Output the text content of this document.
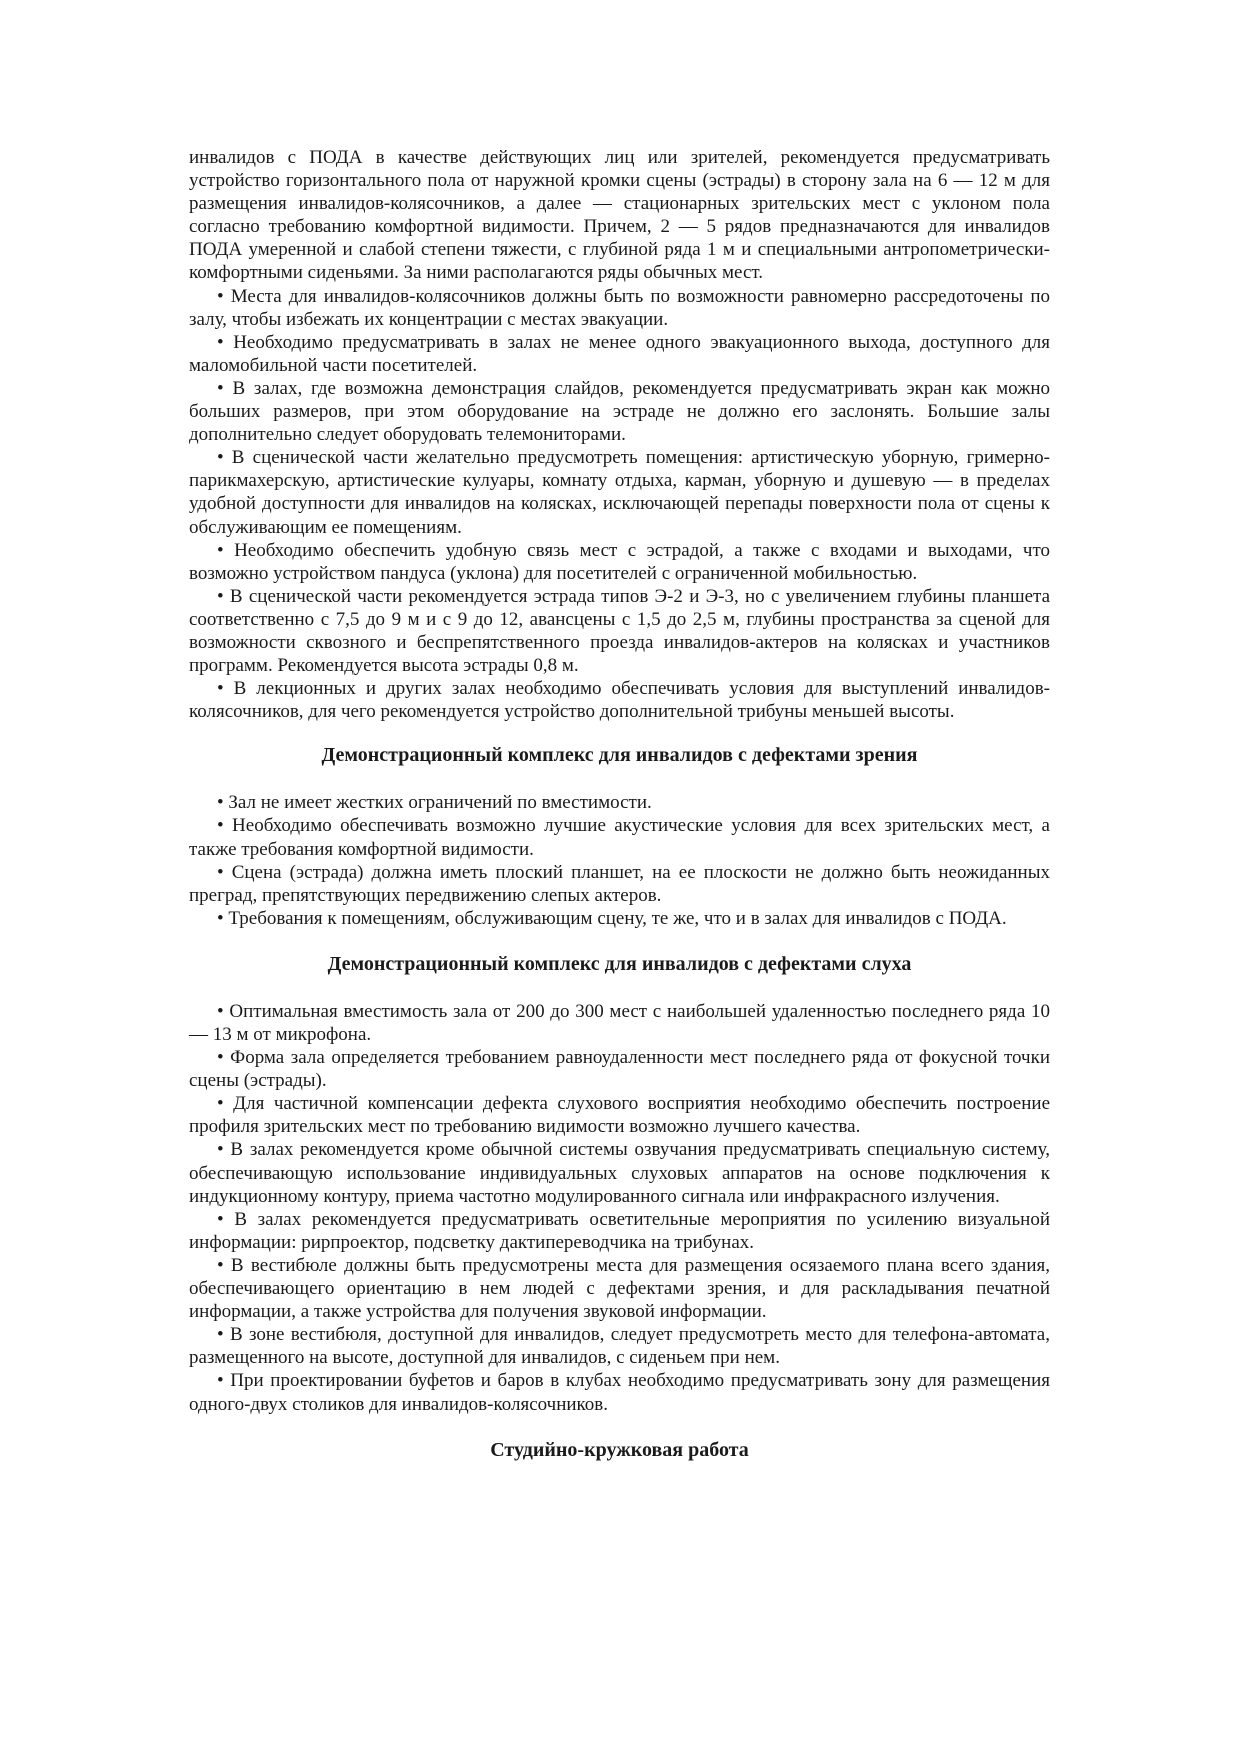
инвалидов с ПОДА в качестве действующих лиц или зрителей, рекомендуется предусматривать устройство горизонтального пола от наружной кромки сцены (эстрады) в сторону зала на 6 — 12 м для размещения инвалидов-колясочников, а далее — стационарных зрительских мест с уклоном пола согласно требованию комфортной видимости. Причем, 2 — 5 рядов предназначаются для инвалидов ПОДА умеренной и слабой степени тяжести, с глубиной ряда 1 м и специальными антропометрически-комфортными сиденьями. За ними располагаются ряды обычных мест.

• Места для инвалидов-колясочников должны быть по возможности равномерно рассредоточены по залу, чтобы избежать их концентрации с местах эвакуации.

• Необходимо предусматривать в залах не менее одного эвакуационного выхода, доступного для маломобильной части посетителей.

• В залах, где возможна демонстрация слайдов, рекомендуется предусматривать экран как можно больших размеров, при этом оборудование на эстраде не должно его заслонять. Большие залы дополнительно следует оборудовать телемониторами.

• В сценической части желательно предусмотреть помещения: артистическую уборную, гримерно-парикмахерскую, артистические кулуары, комнату отдыха, карман, уборную и душевую — в пределах удобной доступности для инвалидов на колясках, исключающей перепады поверхности пола от сцены к обслуживающим ее помещениям.

• Необходимо обеспечить удобную связь мест с эстрадой, а также с входами и выходами, что возможно устройством пандуса (уклона) для посетителей с ограниченной мобильностью.

• В сценической части рекомендуется эстрада типов Э-2 и Э-3, но с увеличением глубины планшета соответственно с 7,5 до 9 м и с 9 до 12, авансцены с 1,5 до 2,5 м, глубины пространства за сценой для возможности сквозного и беспрепятственного проезда инвалидов-актеров на колясках и участников программ. Рекомендуется высота эстрады 0,8 м.

• В лекционных и других залах необходимо обеспечивать условия для выступлений инвалидов-колясочников, для чего рекомендуется устройство дополнительной трибуны меньшей высоты.

Демонстрационный комплекс для инвалидов с дефектами зрения

• Зал не имеет жестких ограничений по вместимости.

• Необходимо обеспечивать возможно лучшие акустические условия для всех зрительских мест, а также требования комфортной видимости.

• Сцена (эстрада) должна иметь плоский планшет, на ее плоскости не должно быть неожиданных преград, препятствующих передвижению слепых актеров.

• Требования к помещениям, обслуживающим сцену, те же, что и в залах для инвалидов с ПОДА.

Демонстрационный комплекс для инвалидов с дефектами слуха

• Оптимальная вместимость зала от 200 до 300 мест с наибольшей удаленностью последнего ряда 10 — 13 м от микрофона.

• Форма зала определяется требованием равноудаленности мест последнего ряда от фокусной точки сцены (эстрады).

• Для частичной компенсации дефекта слухового восприятия необходимо обеспечить построение профиля зрительских мест по требованию видимости возможно лучшего качества.

• В залах рекомендуется кроме обычной системы озвучания предусматривать специальную систему, обеспечивающую использование индивидуальных слуховых аппаратов на основе подключения к индукционному контуру, приема частотно модулированного сигнала или инфракрасного излучения.

• В залах рекомендуется предусматривать осветительные мероприятия по усилению визуальной информации: рирпроектор, подсветку дактипереводчика на трибунах.

• В вестибюле должны быть предусмотрены места для размещения осязаемого плана всего здания, обеспечивающего ориентацию в нем людей с дефектами зрения, и для раскладывания печатной информации, а также устройства для получения звуковой информации.

• В зоне вестибюля, доступной для инвалидов, следует предусмотреть место для телефона-автомата, размещенного на высоте, доступной для инвалидов, с сиденьем при нем.

• При проектировании буфетов и баров в клубах необходимо предусматривать зону для размещения одного-двух столиков для инвалидов-колясочников.

Студийно-кружковая работа
